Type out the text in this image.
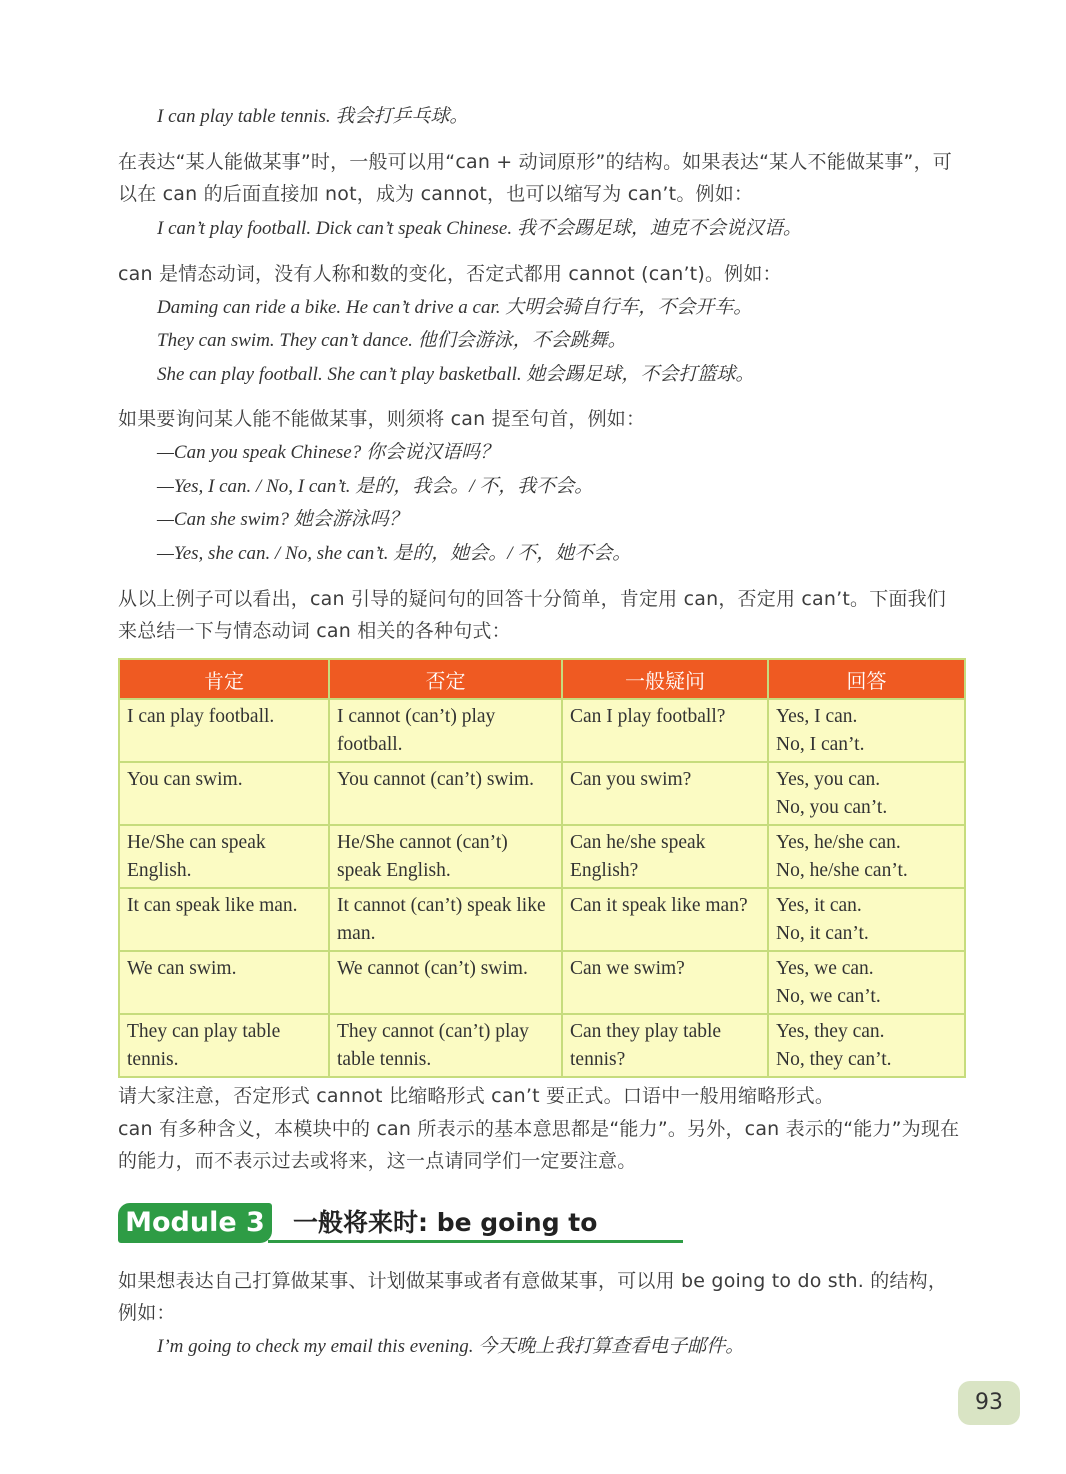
I can play table tennis. 我会打乒乓球。
在表达“某人能做某事”时，一般可以用“can + 动词原形”的结构。如果表达“某人不能做某事”，可以在 can 的后面直接加 not，成为 cannot，也可以缩写为 can’t。例如：
I can’t play football. Dick can’t speak Chinese. 我不会踢足球，迪克不会说汉语。
can 是情态动词，没有人称和数的变化，否定式都用 cannot (can’t)。例如：
Daming can ride a bike. He can’t drive a car. 大明会骑自行车，不会开车。
They can swim. They can’t dance. 他们会游泳，不会跳舞。
She can play football. She can’t play basketball. 她会踢足球，不会打篮球。
如果要询问某人能不能做某事，则须将 can 提至句首，例如：
—Can you speak Chinese? 你会说汉语吗？
—Yes, I can. / No, I can’t. 是的，我会。/ 不，我不会。
—Can she swim? 她会游泳吗？
—Yes, she can. / No, she can’t. 是的，她会。/ 不，她不会。
从以上例子可以看出，can 引导的疑问句的回答十分简单，肯定用 can，否定用 can’t。下面我们来总结一下与情态动词 can 相关的各种句式：
肯定	否定	一般疑问	回答
I can play football.	I cannot (can’t) play football.	Can I play football?	Yes, I can.
No, I can’t.

You can swim.	You cannot (can’t) swim.	Can you swim?	Yes, you can.
No, you can’t.

He/She can speak English.	He/She cannot (can’t) speak English.	Can he/she speak English?	Yes, he/she can.
No, he/she can’t.

It can speak like man.	It cannot (can’t) speak like man.	Can it speak like man?	Yes, it can.
No, it can’t.

We can swim.	We cannot (can’t) swim.	Can we swim?	Yes, we can.
No, we can’t.

They can play table tennis.	They cannot (can’t) play table tennis.	Can they play table tennis?	Yes, they can.
No, they can’t.
请大家注意，否定形式 cannot 比缩略形式 can’t 要正式。口语中一般用缩略形式。
can 有多种含义，本模块中的 can 所表示的基本意思都是“能力”。另外，can 表示的“能力”为现在的能力，而不表示过去或将来，这一点请同学们一定要注意。
Module 3 一般将来时: be going to
如果想表达自己打算做某事、计划做某事或者有意做某事，可以用 be going to do sth. 的结构，例如：
I’m going to check my email this evening. 今天晚上我打算查看电子邮件。
93
